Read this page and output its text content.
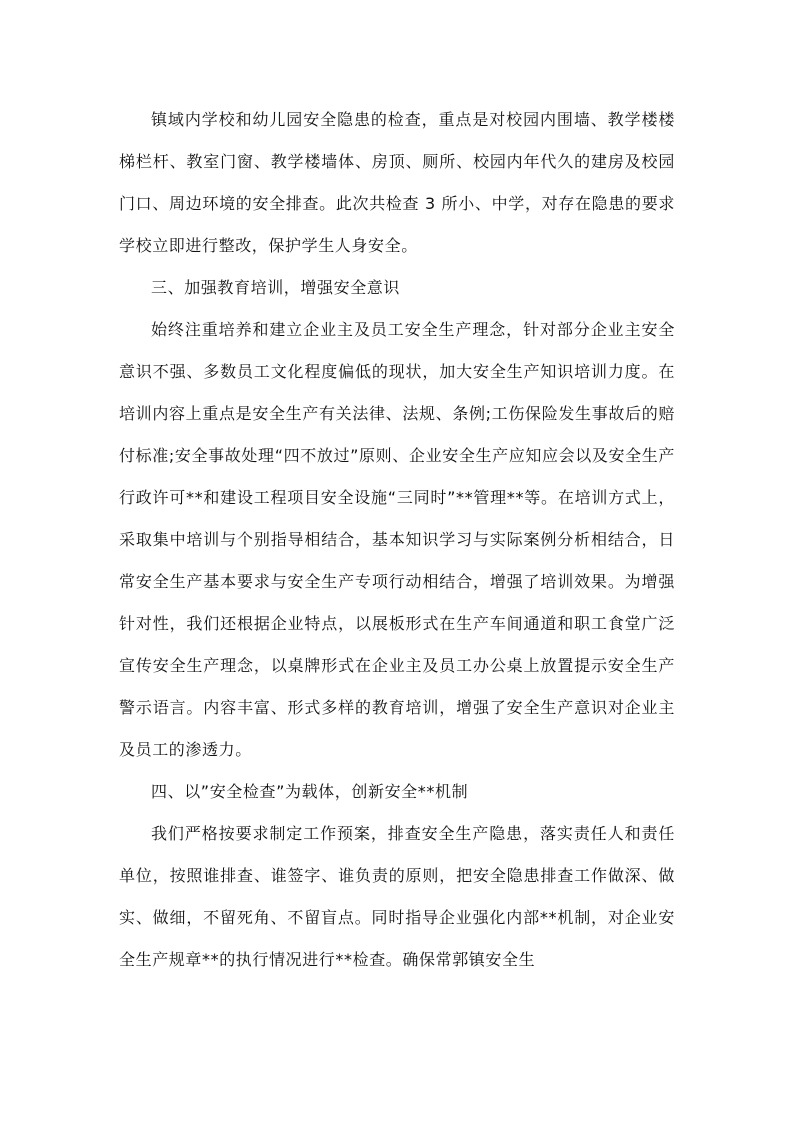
镇域内学校和幼儿园安全隐患的检查，重点是对校园内围墙、教学楼楼梯栏杆、教室门窗、教学楼墙体、房顶、厕所、校园内年代久的建房及校园门口、周边环境的安全排查。此次共检查 3 所小、中学，对存在隐患的要求学校立即进行整改，保护学生人身安全。

三、加强教育培训，增强安全意识

始终注重培养和建立企业主及员工安全生产理念，针对部分企业主安全意识不强、多数员工文化程度偏低的现状，加大安全生产知识培训力度。在培训内容上重点是安全生产有关法律、法规、条例;工伤保险发生事故后的赔付标准;安全事故处理“四不放过”原则、企业安全生产应知应会以及安全生产行政许可**和建设工程项目安全设施“三同时”**管理**等。在培训方式上，采取集中培训与个别指导相结合，基本知识学习与实际案例分析相结合，日常安全生产基本要求与安全生产专项行动相结合，增强了培训效果。为增强针对性，我们还根据企业特点，以展板形式在生产车间通道和职工食堂广泛宣传安全生产理念，以桌牌形式在企业主及员工办公桌上放置提示安全生产警示语言。内容丰富、形式多样的教育培训，增强了安全生产意识对企业主及员工的渗透力。

四、以”安全检查”为载体，创新安全**机制

我们严格按要求制定工作预案，排查安全生产隐患，落实责任人和责任单位，按照谁排查、谁签字、谁负责的原则，把安全隐患排查工作做深、做实、做细，不留死角、不留盲点。同时指导企业强化内部**机制，对企业安全生产规章**的执行情况进行**检查。确保常郭镇安全生
